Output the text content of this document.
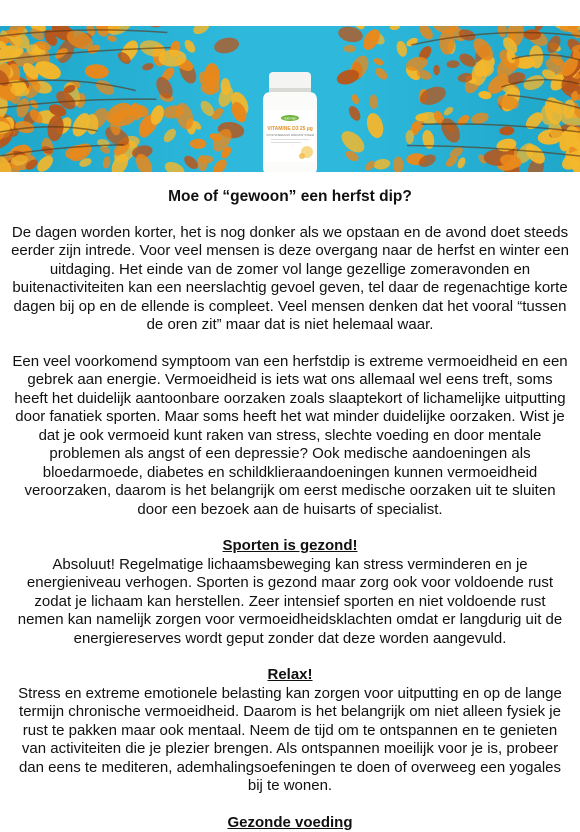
nutrivian
VITAMINE D3 25 µg
VOOR SPIEREN EN IMMUUNSYSTEEM

Moe of “gewoon” een herfst dip?

De dagen worden korter, het is nog donker als we opstaan en de avond doet steeds eerder zijn intrede. Voor veel mensen is deze overgang naar de herfst en winter een uitdaging. Het einde van de zomer vol lange gezellige zomeravonden en buitenactiviteiten kan een neerslachtig gevoel geven, tel daar de regenachtige korte dagen bij op en de ellende is compleet. Veel mensen denken dat het vooral “tussen de oren zit” maar dat is niet helemaal waar.

Een veel voorkomend symptoom van een herfstdip is extreme vermoeidheid en een gebrek aan energie. Vermoeidheid is iets wat ons allemaal wel eens treft, soms heeft het duidelijk aantoonbare oorzaken zoals slaaptekort of lichamelijke uitputting door fanatiek sporten. Maar soms heeft het wat minder duidelijke oorzaken. Wist je dat je ook vermoeid kunt raken van stress, slechte voeding en door mentale problemen als angst of een depressie? Ook medische aandoeningen als bloedarmoede, diabetes en schildklieraandoeningen kunnen vermoeidheid veroorzaken, daarom is het belangrijk om eerst medische oorzaken uit te sluiten door een bezoek aan de huisarts of specialist.

Sporten is gezond!

Absoluut! Regelmatige lichaamsbeweging kan stress verminderen en je energieniveau verhogen. Sporten is gezond maar zorg ook voor voldoende rust zodat je lichaam kan herstellen. Zeer intensief sporten en niet voldoende rust nemen kan namelijk zorgen voor vermoeidheidsklachten omdat er langdurig uit de energiereserves wordt geput zonder dat deze worden aangevuld.

Relax!

Stress en extreme emotionele belasting kan zorgen voor uitputting en op de lange termijn chronische vermoeidheid. Daarom is het belangrijk om niet alleen fysiek je rust te pakken maar ook mentaal. Neem de tijd om te ontspannen en te genieten van activiteiten die je plezier brengen. Als ontspannen moeilijk voor je is, probeer dan eens te mediteren, ademhalingsoefeningen te doen of overweeg een yogales bij te wonen.

Gezonde voeding
